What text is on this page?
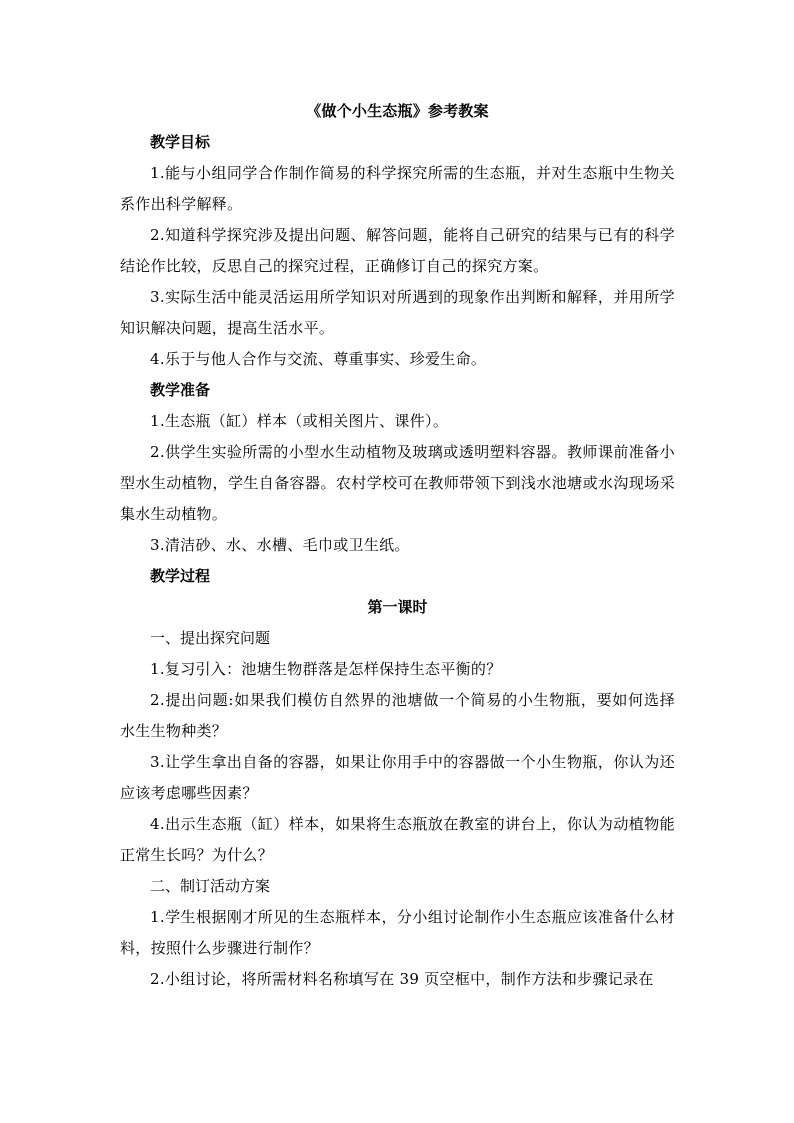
《做个小生态瓶》参考教案

教学目标

1.能与小组同学合作制作简易的科学探究所需的生态瓶，并对生态瓶中生物关系作出科学解释。

2.知道科学探究涉及提出问题、解答问题，能将自己研究的结果与已有的科学结论作比较，反思自己的探究过程，正确修订自己的探究方案。

3.实际生活中能灵活运用所学知识对所遇到的现象作出判断和解释，并用所学知识解决问题，提高生活水平。

4.乐于与他人合作与交流、尊重事实、珍爱生命。

教学准备

1.生态瓶（缸）样本（或相关图片、课件）。

2.供学生实验所需的小型水生动植物及玻璃或透明塑料容器。教师课前准备小型水生动植物，学生自备容器。农村学校可在教师带领下到浅水池塘或水沟现场采集水生动植物。

3.清洁砂、水、水槽、毛巾或卫生纸。

教学过程

第一课时

一、提出探究问题

1.复习引入：池塘生物群落是怎样保持生态平衡的？

2.提出问题:如果我们模仿自然界的池塘做一个简易的小生物瓶，要如何选择水生生物种类？

3.让学生拿出自备的容器，如果让你用手中的容器做一个小生物瓶，你认为还应该考虑哪些因素？

4.出示生态瓶（缸）样本，如果将生态瓶放在教室的讲台上，你认为动植物能正常生长吗？为什么？

二、制订活动方案

1.学生根据刚才所见的生态瓶样本，分小组讨论制作小生态瓶应该准备什么材料，按照什么步骤进行制作？

2.小组讨论，将所需材料名称填写在 39 页空框中，制作方法和步骤记录在
